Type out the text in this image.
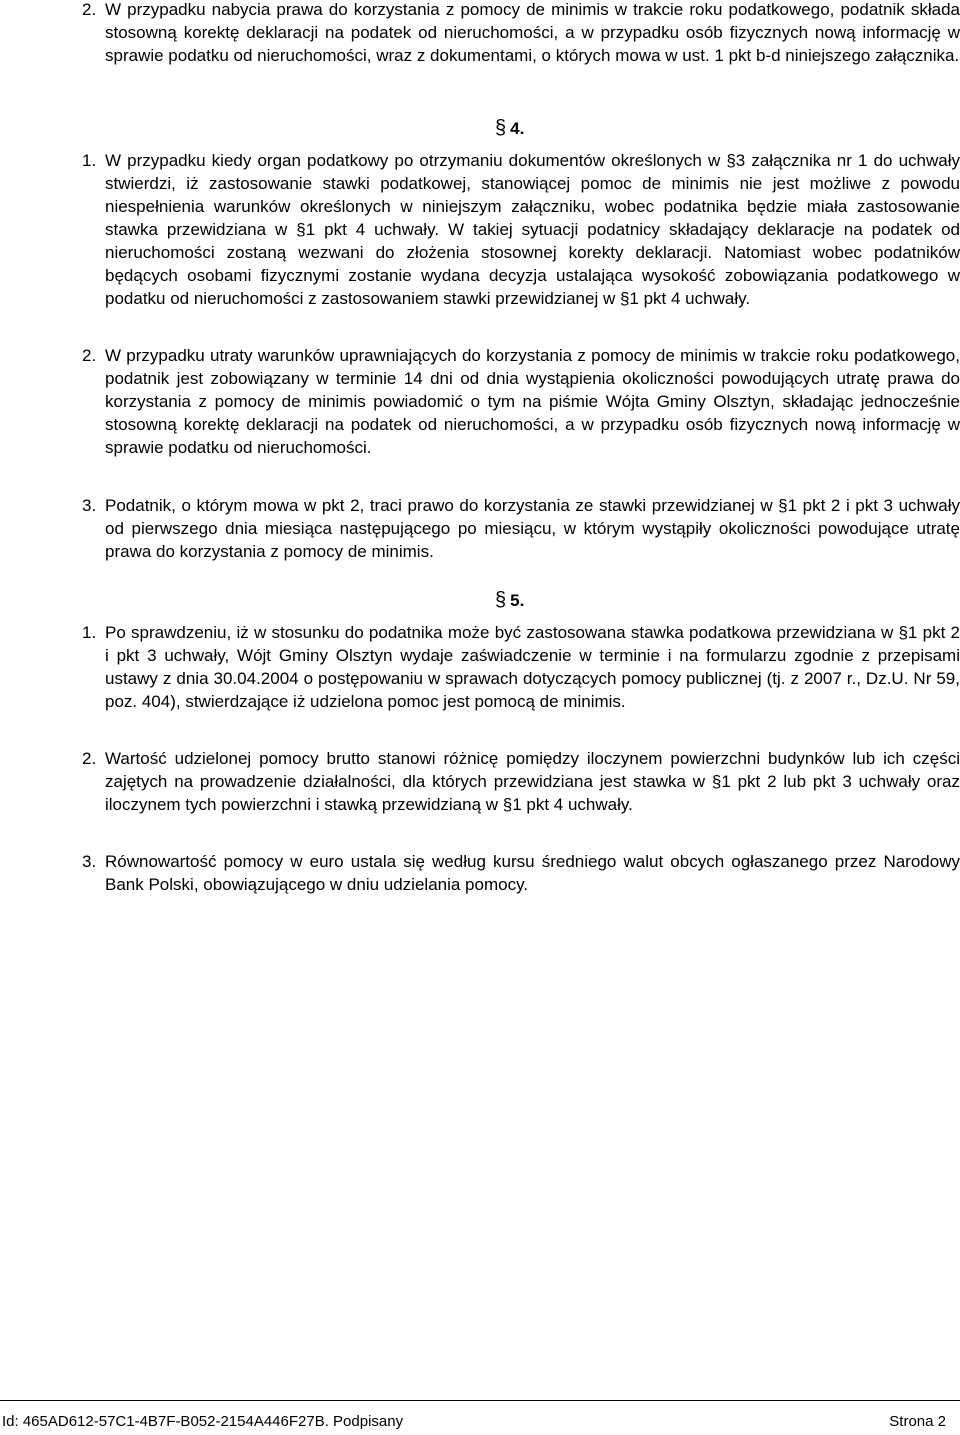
2. W przypadku nabycia prawa do korzystania z pomocy de minimis w trakcie roku podatkowego, podatnik składa stosowną korektę deklaracji na podatek od nieruchomości, a w przypadku osób fizycznych nową informację w sprawie podatku od nieruchomości, wraz z dokumentami, o których mowa w ust. 1 pkt b-d niniejszego załącznika.
§ 4.
1. W przypadku kiedy organ podatkowy po otrzymaniu dokumentów określonych w §3 załącznika nr 1 do uchwały stwierdzi, iż zastosowanie stawki podatkowej, stanowiącej pomoc de minimis nie jest możliwe z powodu niespełnienia warunków określonych w niniejszym załączniku, wobec podatnika będzie miała zastosowanie stawka przewidziana w §1 pkt 4 uchwały. W takiej sytuacji podatnicy składający deklaracje na podatek od nieruchomości zostaną wezwani do złożenia stosownej korekty deklaracji. Natomiast wobec podatników będących osobami fizycznymi zostanie wydana decyzja ustalająca wysokość zobowiązania podatkowego w podatku od nieruchomości z zastosowaniem stawki przewidzianej w §1 pkt 4 uchwały.
2. W przypadku utraty warunków uprawniających do korzystania z pomocy de minimis w trakcie roku podatkowego, podatnik jest zobowiązany w terminie 14 dni od dnia wystąpienia okoliczności powodujących utratę prawa do korzystania z pomocy de minimis powiadomić o tym na piśmie Wójta Gminy Olsztyn, składając jednocześnie stosowną korektę deklaracji na podatek od nieruchomości, a w przypadku osób fizycznych nową informację w sprawie podatku od nieruchomości.
3. Podatnik, o którym mowa w pkt 2, traci prawo do korzystania ze stawki przewidzianej w §1 pkt 2 i pkt 3 uchwały od pierwszego dnia miesiąca następującego po miesiącu, w którym wystąpiły okoliczności powodujące utratę prawa do korzystania z pomocy de minimis.
§ 5.
1. Po sprawdzeniu, iż w stosunku do podatnika może być zastosowana stawka podatkowa przewidziana w §1 pkt 2 i pkt 3 uchwały, Wójt Gminy Olsztyn wydaje zaświadczenie w terminie i na formularzu zgodnie z przepisami ustawy z dnia 30.04.2004 o postępowaniu w sprawach dotyczących pomocy publicznej (tj. z 2007 r., Dz.U. Nr 59, poz. 404), stwierdzające iż udzielona pomoc jest pomocą de minimis.
2. Wartość udzielonej pomocy brutto stanowi różnicę pomiędzy iloczynem powierzchni budynków lub ich części zajętych na prowadzenie działalności, dla których przewidziana jest stawka w §1 pkt 2 lub pkt 3 uchwały oraz iloczynem tych powierzchni i stawką przewidzianą w §1 pkt 4 uchwały.
3. Równowartość pomocy w euro ustala się według kursu średniego walut obcych ogłaszanego przez Narodowy Bank Polski, obowiązującego w dniu udzielania pomocy.
Id: 465AD612-57C1-4B7F-B052-2154A446F27B. Podpisany	Strona 2
